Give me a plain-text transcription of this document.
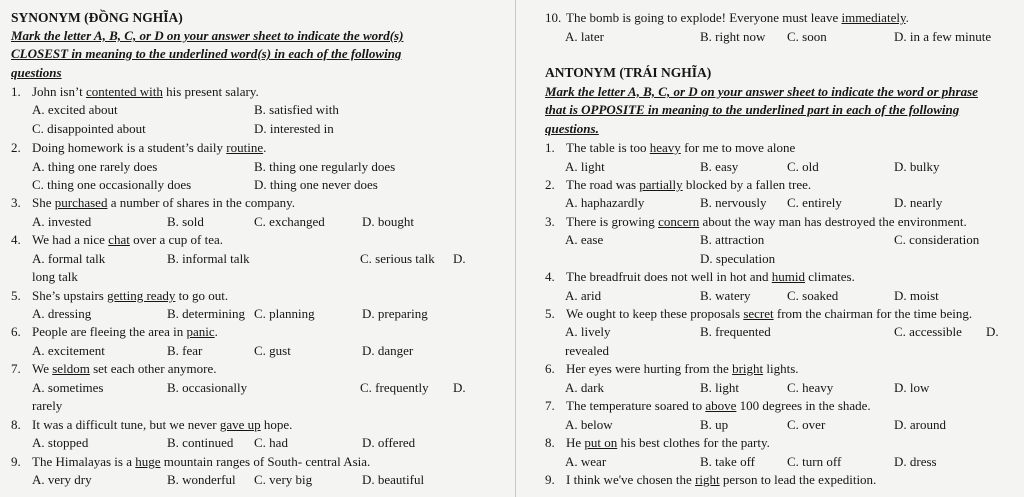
SYNONYM (ĐỒNG NGHĨA)
Mark the letter A, B, C, or D on your answer sheet to indicate the word(s)
CLOSEST in meaning to the underlined word(s) in each of the following
questions
1. John isn’t contented with his present salary.
A. excited about	B. satisfied with
C. disappointed about	D. interested in
2. Doing homework is a student’s daily routine.
A. thing one rarely does	B. thing one regularly does
C. thing one occasionally does	D. thing one never does
3. She purchased a number of shares in the company.
A. invested	B. sold	C. exchanged	D. bought
4. We had a nice chat over a cup of tea.
A. formal talk	B. informal talk	C. serious talk D.
long talk
5. She’s upstairs getting ready to go out.
A. dressing	B. determining C. planning	D. preparing
6. People are fleeing the area in panic.
A. excitement	B. fear	C. gust	D. danger
7. We seldom set each other anymore.
A. sometimes	B. occasionally	C. frequently D.
rarely
8. It was a difficult tune, but we never gave up hope.
A. stopped	B. continued C. had	D. offered
9. The Himalayas is a huge mountain ranges of South- central Asia.
A. very dry	B. wonderful C. very big	D. beautiful
10. The bomb is going to explode! Everyone must leave immediately.
A. later	B. right now C. soon	D. in a few minute
ANTONYM (TRÁI NGHĨA)
Mark the letter A, B, C, or D on your answer sheet to indicate the word or phrase
that is OPPOSITE in meaning to the underlined part in each of the following
questions.
1. The table is too heavy for me to move alone
A. light	B. easy	C. old	D. bulky
2. The road was partially blocked by a fallen tree.
A. haphazardly	B. nervously C. entirely	D. nearly
3. There is growing concern about the way man has destroyed the environment.
A. ease	B. attraction	C. consideration
D. speculation
4. The breadfruit does not well in hot and humid climates.
A. arid	B. watery	C. soaked	D. moist
5. We ought to keep these proposals secret from the chairman for the time being.
A. lively	B. frequented	C. accessible D.
revealed
6. Her eyes were hurting from the bright lights.
A. dark	B. light	C. heavy	D. low
7. The temperature soared to above 100 degrees in the shade.
A. below	B. up	C. over	D. around
8. He put on his best clothes for the party.
A. wear	B. take off C. turn off	D. dress
9. I think we've chosen the right person to lead the expedition.
